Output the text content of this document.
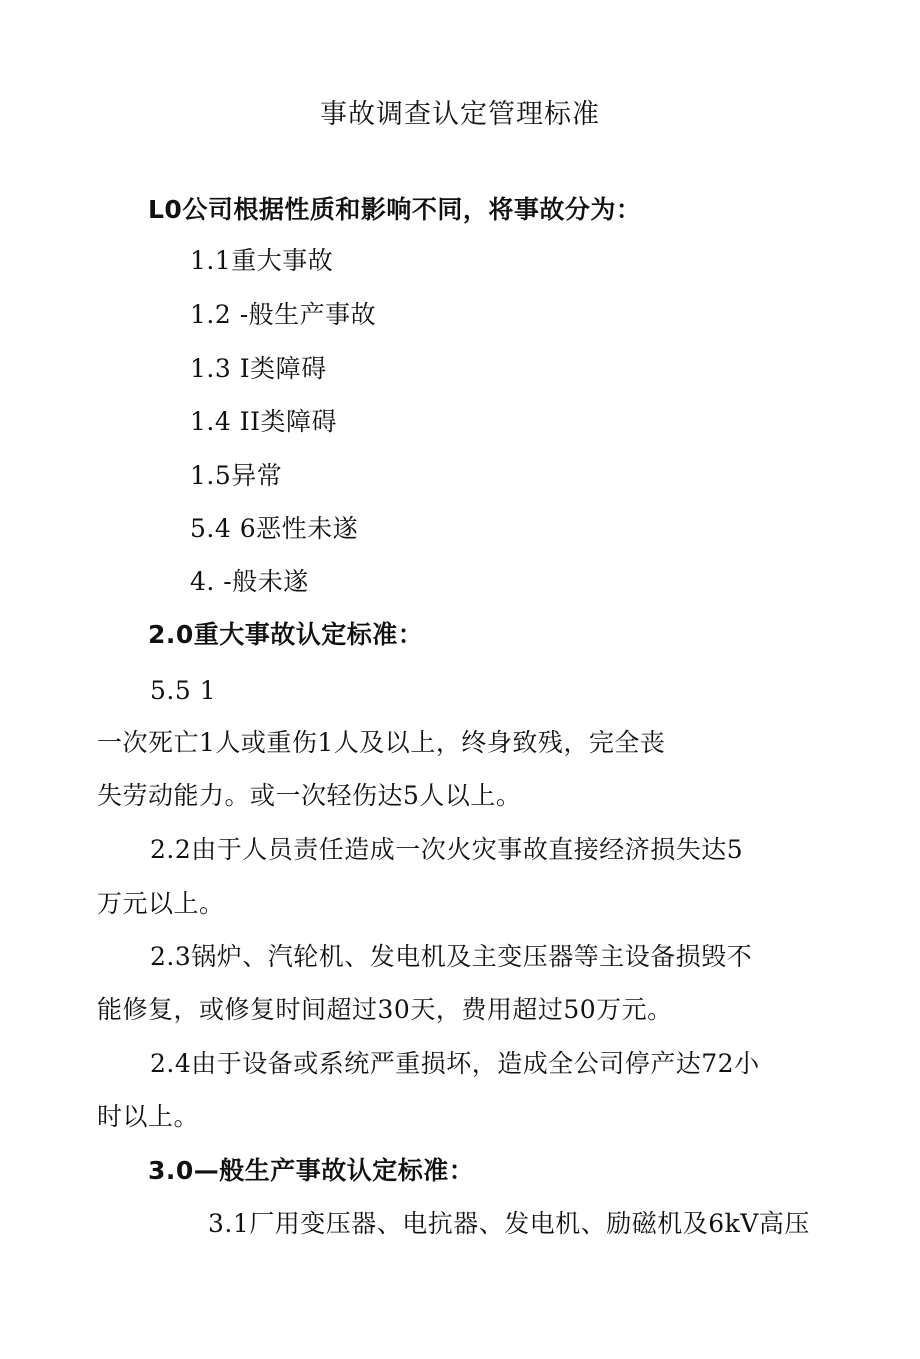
事故调查认定管理标准
L0公司根据性质和影响不同，将事故分为：
1.1重大事故
1.2 -般生产事故
1.3 I类障碍
1.4 II类障碍
1.5异常
5.4 6恶性未遂
4. -般未遂
2.0重大事故认定标准：
5.5 1
一次死亡1人或重伤1人及以上，终身致残，完全丧
失劳动能力。或一次轻伤达5人以上。
2.2由于人员责任造成一次火灾事故直接经济损失达5
万元以上。
2.3锅炉、汽轮机、发电机及主变压器等主设备损毁不
能修复，或修复时间超过30天，费用超过50万元。
2.4由于设备或系统严重损坏，造成全公司停产达72小
时以上。
3.0—般生产事故认定标准：
3.1厂用变压器、电抗器、发电机、励磁机及6kV高压
